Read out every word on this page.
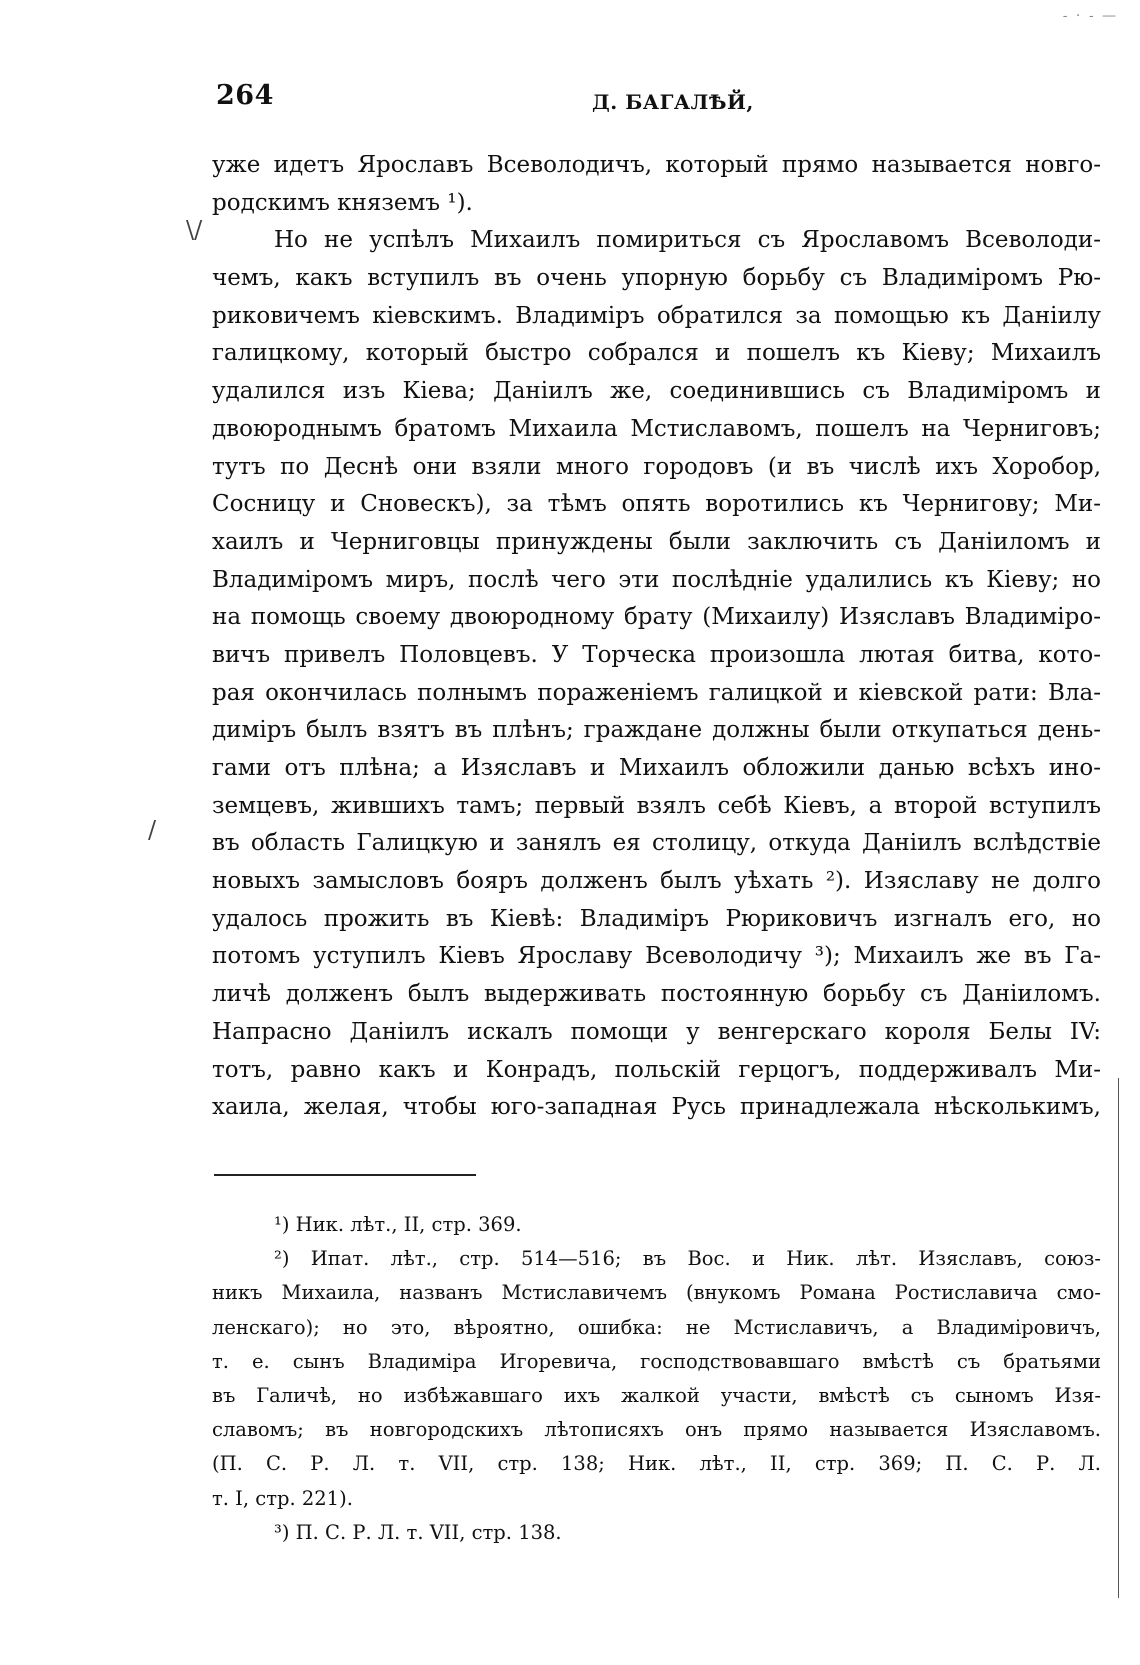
- · - —
264	Д. БАГАЛѢЙ,
\/
/
уже идетъ Ярославъ Всеволодичъ, который прямо называется новго-
родскимъ княземъ ¹).
Но не успѣлъ Михаилъ помириться съ Ярославомъ Всеволоди-
чемъ, какъ вступилъ въ очень упорную борьбу съ Владиміромъ Рю-
риковичемъ кіевскимъ. Владиміръ обратился за помощью къ Даніилу
галицкому, который быстро собрался и пошелъ къ Кіеву; Михаилъ
удалился изъ Кіева; Даніилъ же, соединившись съ Владиміромъ и
двоюроднымъ братомъ Михаила Мстиславомъ, пошелъ на Черниговъ;
тутъ по Деснѣ они взяли много городовъ (и въ числѣ ихъ Хоробор,
Сосницу и Сновескъ), за тѣмъ опять воротились къ Чернигову; Ми-
хаилъ и Черниговцы принуждены были заключить съ Даніиломъ и
Владиміромъ миръ, послѣ чего эти послѣдніе удалились къ Кіеву; но
на помощь своему двоюродному брату (Михаилу) Изяславъ Владиміро-
вичъ привелъ Половцевъ. У Торческа произошла лютая битва, кото-
рая окончилась полнымъ пораженіемъ галицкой и кіевской рати: Вла-
диміръ былъ взятъ въ плѣнъ; граждане должны были откупаться день-
гами отъ плѣна; а Изяславъ и Михаилъ обложили данью всѣхъ ино-
земцевъ, жившихъ тамъ; первый взялъ себѣ Кіевъ, а второй вступилъ
въ область Галицкую и занялъ ея столицу, откуда Даніилъ вслѣдствіе
новыхъ замысловъ бояръ долженъ былъ уѣхать ²). Изяславу не долго
удалось прожить въ Кіевѣ: Владиміръ Рюриковичъ изгналъ его, но
потомъ уступилъ Кіевъ Ярославу Всеволодичу ³); Михаилъ же въ Га-
личѣ долженъ былъ выдерживать постоянную борьбу съ Даніиломъ.
Напрасно Даніилъ искалъ помощи у венгерскаго короля Белы IV:
тотъ, равно какъ и Конрадъ, польскій герцогъ, поддерживалъ Ми-
хаила, желая, чтобы юго-западная Русь принадлежала нѣсколькимъ,
¹) Ник. лѣт., II, стр. 369.
²) Ипат. лѣт., стр. 514—516; въ Вос. и Ник. лѣт. Изяславъ, союз-
никъ Михаила, названъ Мстиславичемъ (внукомъ Романа Ростиславича смо-
ленскаго); но это, вѣроятно, ошибка: не Мстиславичъ, а Владиміровичъ,
т. е. сынъ Владиміра Игоревича, господствовавшаго вмѣстѣ съ братьями
въ Галичѣ, но избѣжавшаго ихъ жалкой участи, вмѣстѣ съ сыномъ Изя-
славомъ; въ новгородскихъ лѣтописяхъ онъ прямо называется Изяславомъ.
(П. С. Р. Л. т. VII, стр. 138; Ник. лѣт., II, стр. 369; П. С. Р. Л.
т. I, стр. 221).
³) П. С. Р. Л. т. VII, стр. 138.
